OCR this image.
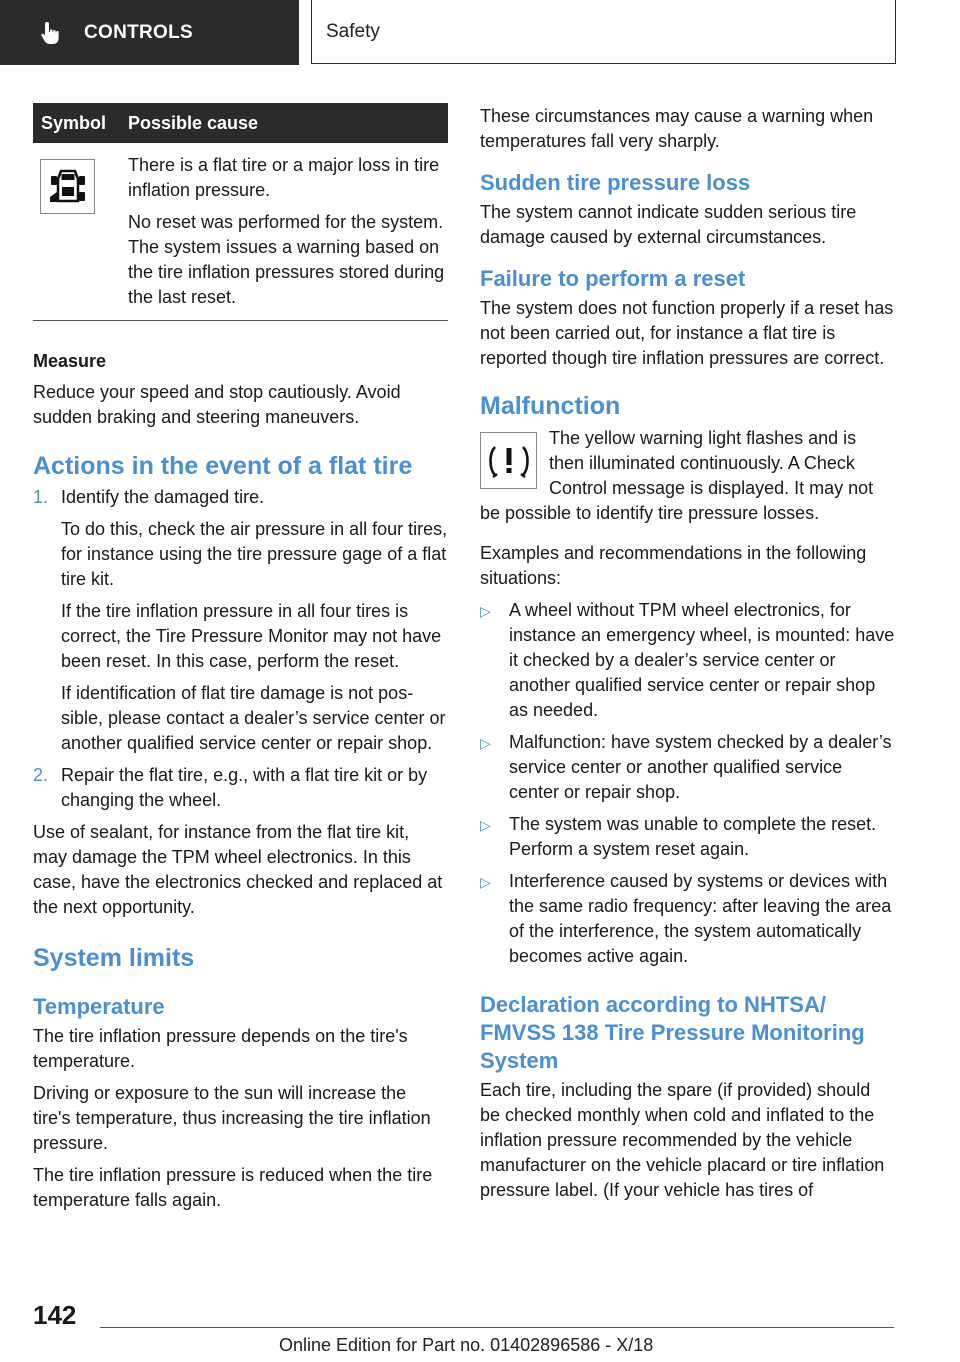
CONTROLS	Safety
Symbol	Possible cause

There is a flat tire or a major loss in tire inflation pressure.

No reset was performed for the system. The system issues a warning based on the tire inflation pressures stored during the last reset.

Measure

Reduce your speed and stop cautiously. Avoid sudden braking and steering maneuvers.

Actions in the event of a flat tire
1. Identify the damaged tire.

To do this, check the air pressure in all four tires, for instance using the tire pressure gage of a flat tire kit.

If the tire inflation pressure in all four tires is correct, the Tire Pressure Monitor may not have been reset. In this case, perform the reset.

If identification of flat tire damage is not possible, please contact a dealer’s service center or another qualified service center or repair shop.

2. Repair the flat tire, e.g., with a flat tire kit or by changing the wheel.

Use of sealant, for instance from the flat tire kit, may damage the TPM wheel electronics. In this case, have the electronics checked and replaced at the next opportunity.

System limits
Temperature

The tire inflation pressure depends on the tire's temperature.

Driving or exposure to the sun will increase the tire's temperature, thus increasing the tire inflation pressure.

The tire inflation pressure is reduced when the tire temperature falls again.

These circumstances may cause a warning when temperatures fall very sharply.

Sudden tire pressure loss

The system cannot indicate sudden serious tire damage caused by external circumstances.

Failure to perform a reset

The system does not function properly if a reset has not been carried out, for instance a flat tire is reported though tire inflation pressures are correct.

Malfunction

The yellow warning light flashes and is then illuminated continuously. A Check Control message is displayed. It may not be possible to identify tire pressure losses.

Examples and recommendations in the following situations:

▷ A wheel without TPM wheel electronics, for instance an emergency wheel, is mounted: have it checked by a dealer’s service center or another qualified service center or repair shop as needed.

▷ Malfunction: have system checked by a dealer’s service center or another qualified service center or repair shop.

▷ The system was unable to complete the reset. Perform a system reset again.

▷ Interference caused by systems or devices with the same radio frequency: after leaving the area of the interference, the system automatically becomes active again.

Declaration according to NHTSA/ FMVSS 138 Tire Pressure Monitoring System

Each tire, including the spare (if provided) should be checked monthly when cold and inflated to the inflation pressure recommended by the vehicle manufacturer on the vehicle placard or tire inflation pressure label. (If your vehicle has tires of

142
Online Edition for Part no. 01402896586 - X/18
